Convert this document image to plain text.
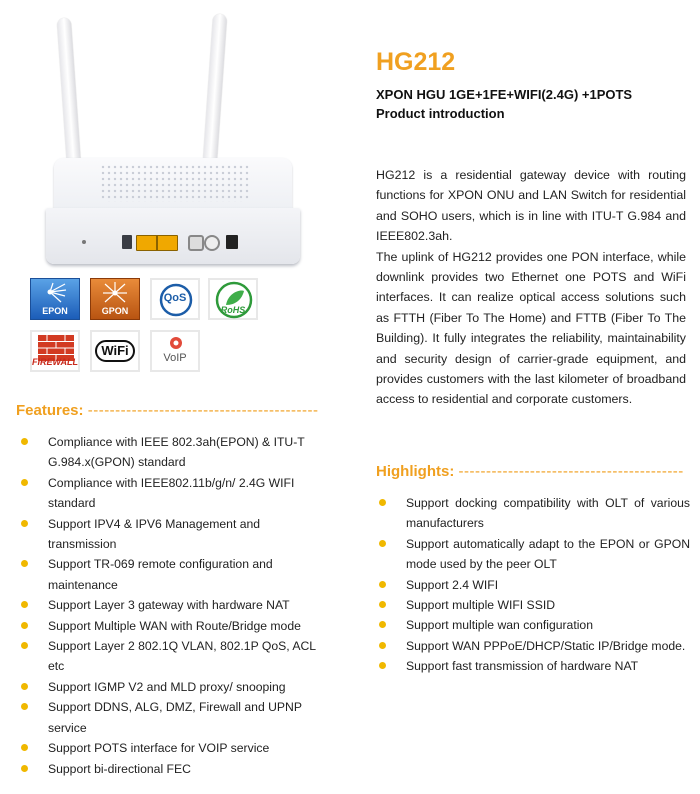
EPON	GPON
QoS
RoHS
FIREWALL
WiFi	VoIP
HG212
XPON HGU 1GE+1FE+WIFI(2.4G) +1POTS
Product introduction

HG212 is a residential gateway device with routing functions for XPON ONU and LAN Switch for residential and SOHO users, which is in line with ITU-T G.984 and IEEE802.3ah.

The uplink of HG212 provides one PON interface, while downlink provides two Ethernet one POTS and WiFi interfaces. It can realize optical access solutions such as FTTH (Fiber To The Home) and FTTB (Fiber To The Building). It fully integrates the reliability, maintainability and security design of carrier-grade equipment, and provides customers with the last kilometer of broadband access to residential and corporate customers.

Features: ------------------------------------------
Compliance with IEEE 802.3ah(EPON) & ITU-T G.984.x(GPON) standard
Compliance with IEEE802.11b/g/n/ 2.4G WIFI standard
Support IPV4 & IPV6 Management and transmission
Support TR-069 remote configuration and maintenance
Support Layer 3 gateway with hardware NAT
Support Multiple WAN with Route/Bridge mode
Support Layer 2 802.1Q VLAN, 802.1P QoS, ACL etc
Support IGMP V2 and MLD proxy/ snooping
Support DDNS, ALG, DMZ, Firewall and UPNP service
Support POTS interface for VOIP service
Support bi-directional FEC
Highlights: -----------------------------------------
Support docking compatibility with OLT of various manufacturers
Support automatically adapt to the EPON or GPON mode used by the peer OLT
Support 2.4 WIFI
Support multiple WIFI SSID
Support multiple wan configuration
Support WAN PPPoE/DHCP/Static IP/Bridge mode.
Support fast transmission of hardware NAT
